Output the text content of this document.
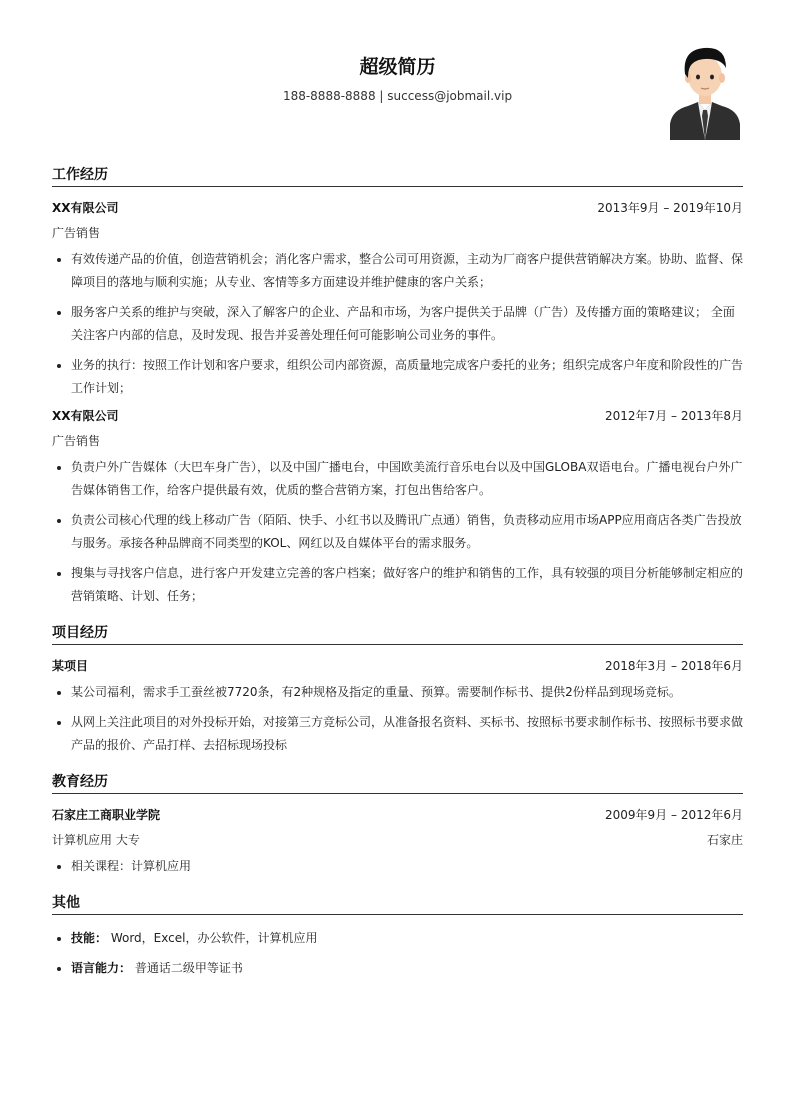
超级简历
188-8888-8888 | success@jobmail.vip
工作经历
XX有限公司	2013年9月 – 2019年10月
广告销售
• 有效传递产品的价值，创造营销机会；消化客户需求，整合公司可用资源，主动为厂商客户提供营销解决方案。协助、监督、保障项目的落地与顺利实施；从专业、客情等多方面建设并维护健康的客户关系；
• 服务客户关系的维护与突破，深入了解客户的企业、产品和市场，为客户提供关于品牌（广告）及传播方面的策略建议； 全面关注客户内部的信息，及时发现、报告并妥善处理任何可能影响公司业务的事件。
• 业务的执行：按照工作计划和客户要求，组织公司内部资源，高质量地完成客户委托的业务；组织完成客户年度和阶段性的广告工作计划；
XX有限公司	2012年7月 – 2013年8月
广告销售
• 负责户外广告媒体（大巴车身广告），以及中国广播电台，中国欧美流行音乐电台以及中国GLOBA双语电台。广播电视台户外广告媒体销售工作，给客户提供最有效，优质的整合营销方案，打包出售给客户。
• 负责公司核心代理的线上移动广告（陌陌、快手、小红书以及腾讯广点通）销售，负责移动应用市场APP应用商店各类广告投放与服务。承接各种品牌商不同类型的KOL、网红以及自媒体平台的需求服务。
• 搜集与寻找客户信息，进行客户开发建立完善的客户档案；做好客户的维护和销售的工作，具有较强的项目分析能够制定相应的营销策略、计划、任务；
项目经历
某项目	2018年3月 – 2018年6月
• 某公司福利，需求手工蚕丝被7720条，有2种规格及指定的重量、预算。需要制作标书、提供2份样品到现场竞标。
• 从网上关注此项目的对外投标开始，对接第三方竞标公司，从准备报名资料、买标书、按照标书要求制作标书、按照标书要求做产品的报价、产品打样、去招标现场投标
教育经历
石家庄工商职业学院	2009年9月 – 2012年6月
计算机应用 大专	石家庄
• 相关课程：计算机应用
其他
• 技能： Word，Excel，办公软件，计算机应用
• 语言能力： 普通话二级甲等证书
